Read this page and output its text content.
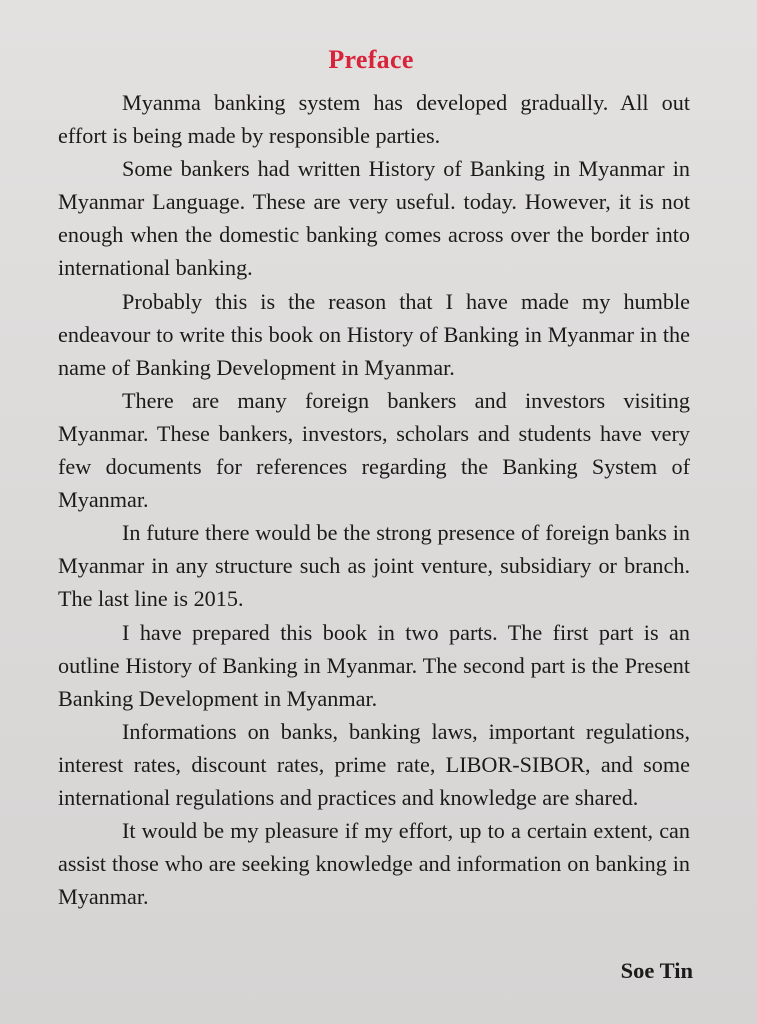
Preface

Myanma banking system has developed gradually. All out effort is being made by responsible parties.

Some bankers had written History of Banking in Myanmar in Myanmar Language. These are very useful. today. However, it is not enough when the domestic banking comes across over the border into international banking.

Probably this is the reason that I have made my humble endeavour to write this book on History of Banking in Myanmar in the name of Banking Development in Myanmar.

There are many foreign bankers and investors visiting Myanmar. These bankers, investors, scholars and students have very few documents for references regarding the Banking System of Myanmar.

In future there would be the strong presence of foreign banks in Myanmar in any structure such as joint venture, subsidiary or branch. The last line is 2015.

I have prepared this book in two parts. The first part is an outline History of Banking in Myanmar. The second part is the Present Banking Development in Myanmar.

Informations on banks, banking laws, important regulations, interest rates, discount rates, prime rate, LIBOR-SIBOR, and some international regulations and practices and knowledge are shared.

It would be my pleasure if my effort, up to a certain extent, can assist those who are seeking knowledge and information on banking in Myanmar.

Soe Tin
